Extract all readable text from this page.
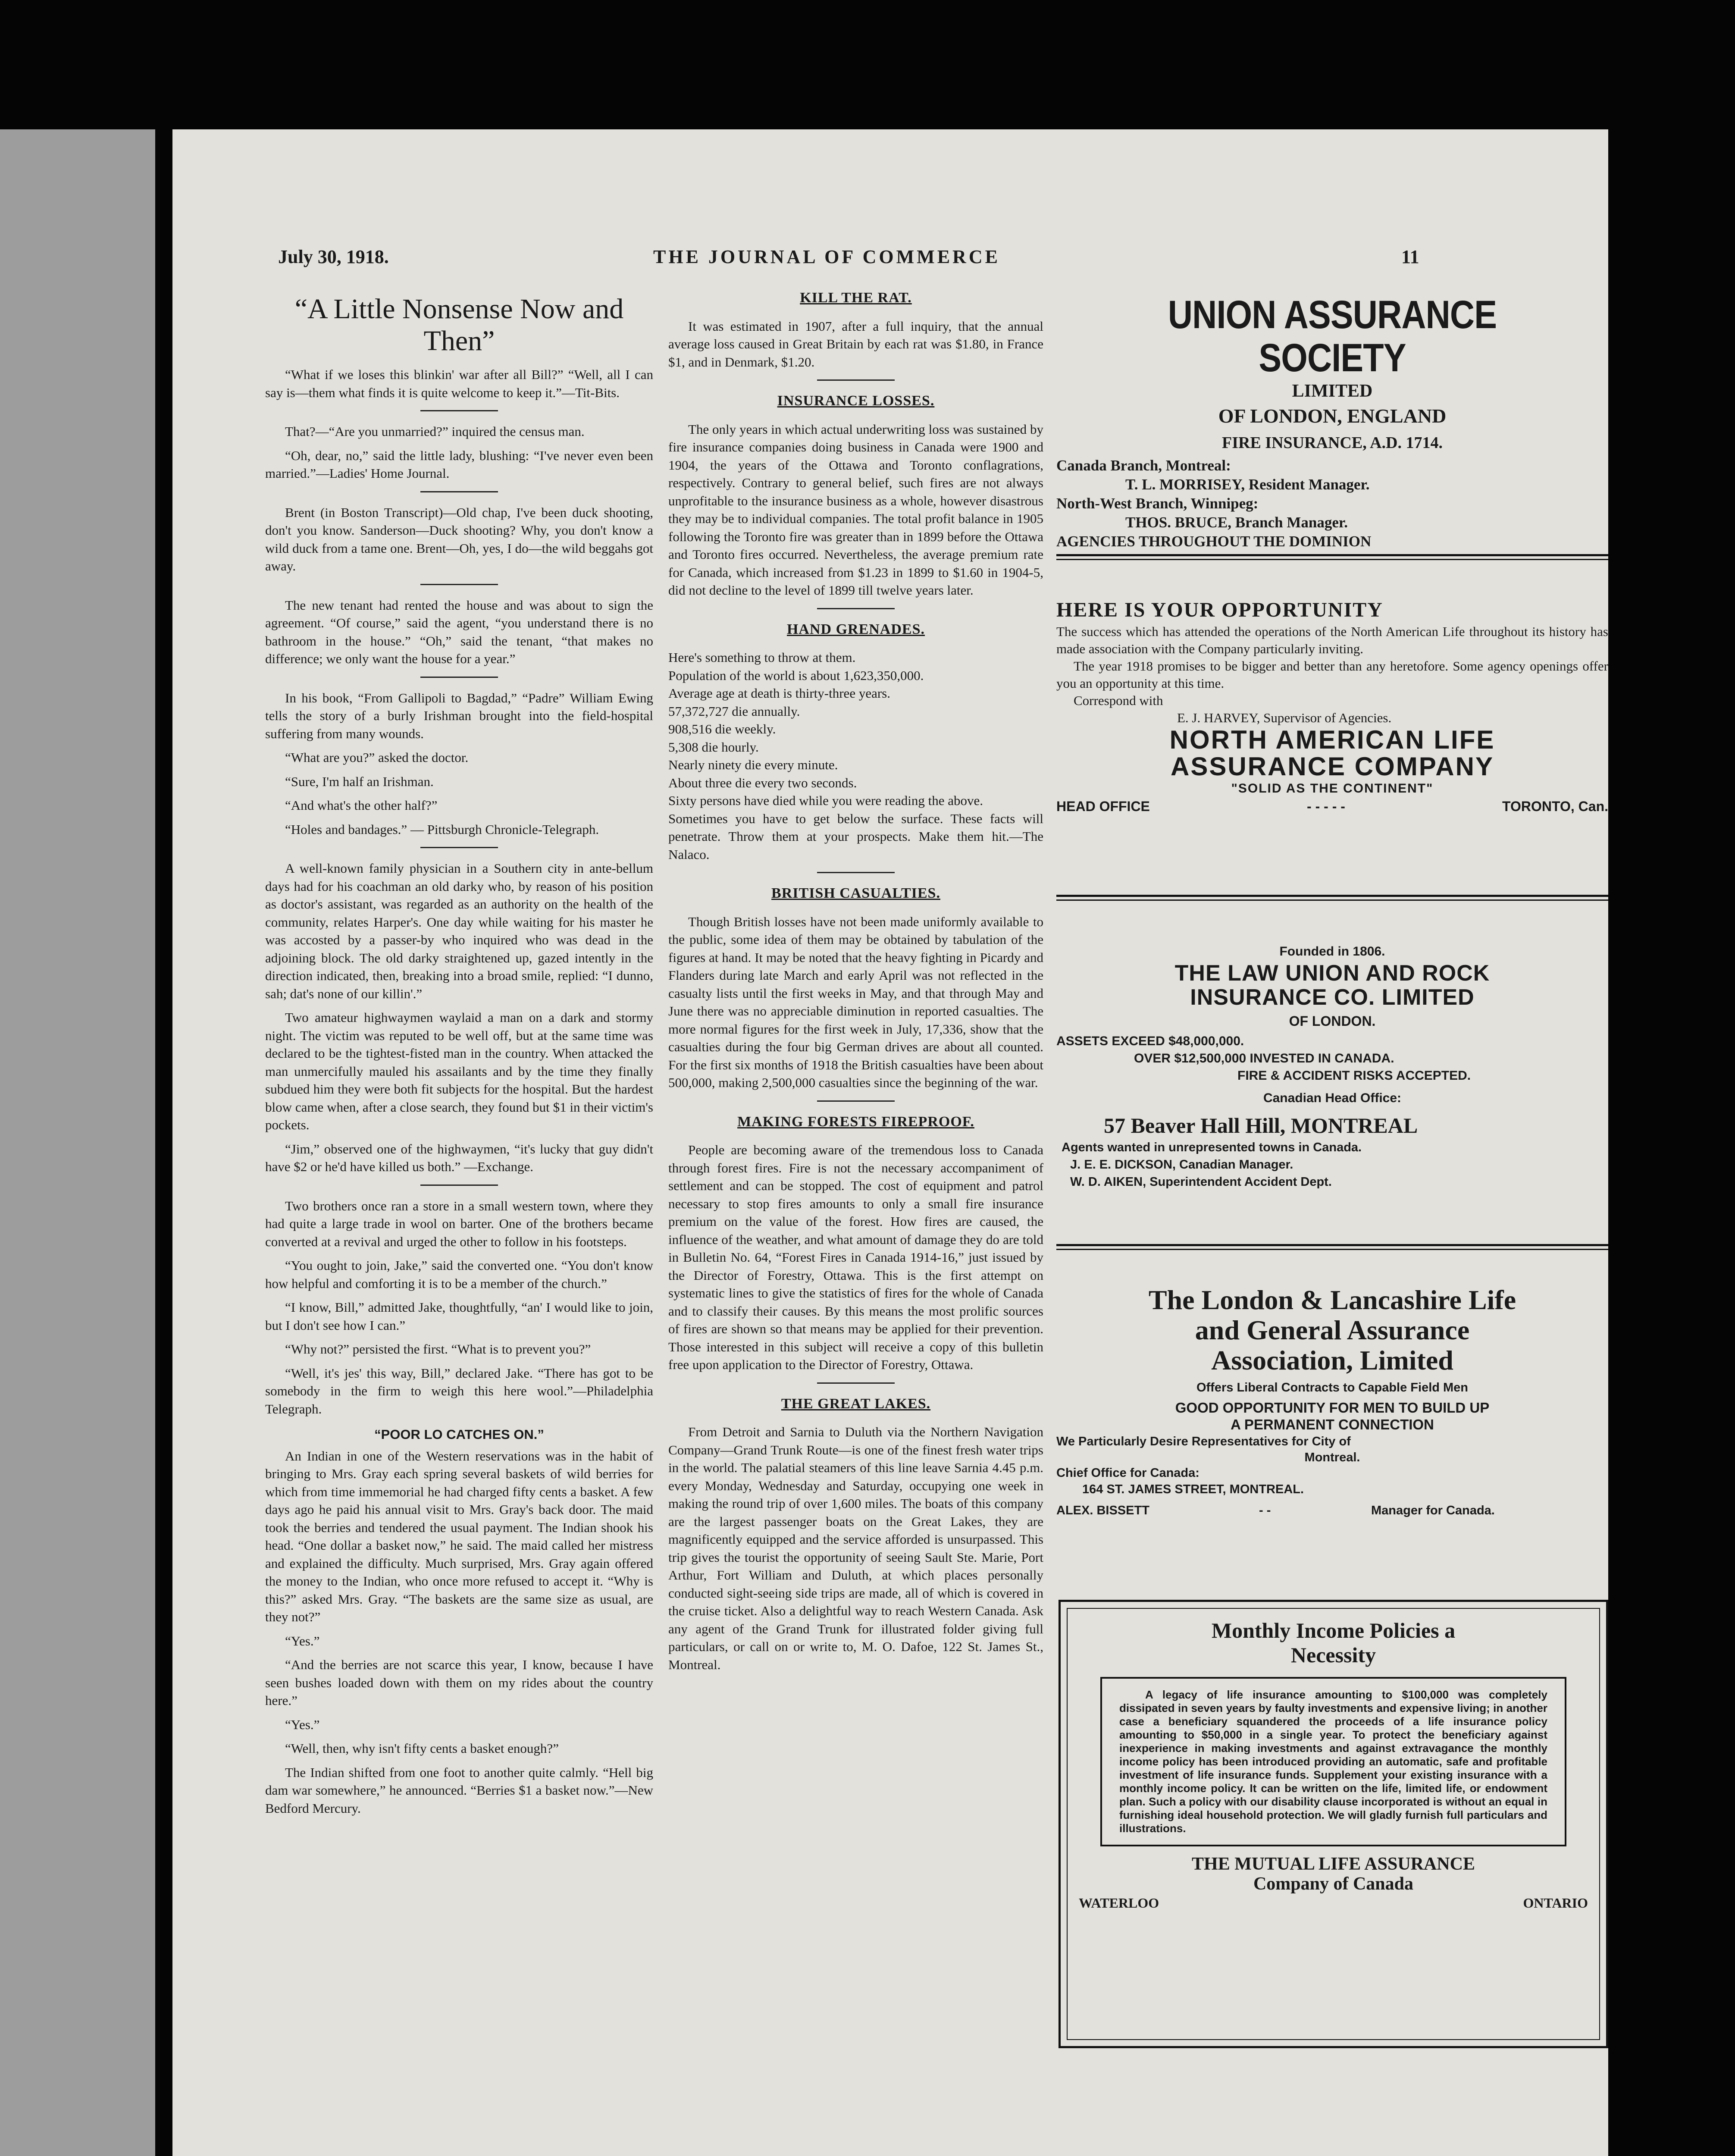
July 30, 1918.	THE JOURNAL OF COMMERCE	11
“A Little Nonsense Now and Then”

“What if we loses this blinkin' war after all Bill?” “Well, all I can say is—them what finds it is quite welcome to keep it.”—Tit-Bits.

That?—“Are you unmarried?” inquired the census man.

“Oh, dear, no,” said the little lady, blushing: “I've never even been married.”—Ladies' Home Journal.

Brent (in Boston Transcript)—Old chap, I've been duck shooting, don't you know. Sanderson—Duck shooting? Why, you don't know a wild duck from a tame one. Brent—Oh, yes, I do—the wild beggahs got away.

The new tenant had rented the house and was about to sign the agreement. “Of course,” said the agent, “you understand there is no bathroom in the house.” “Oh,” said the tenant, “that makes no difference; we only want the house for a year.”

In his book, “From Gallipoli to Bagdad,” “Padre” William Ewing tells the story of a burly Irishman brought into the field-hospital suffering from many wounds.

“What are you?” asked the doctor.

“Sure, I'm half an Irishman.

“And what's the other half?”

“Holes and bandages.” — Pittsburgh Chronicle-Telegraph.

A well-known family physician in a Southern city in ante-bellum days had for his coachman an old darky who, by reason of his position as doctor's assistant, was regarded as an authority on the health of the community, relates Harper's. One day while waiting for his master he was accosted by a passer-by who inquired who was dead in the adjoining block. The old darky straightened up, gazed intently in the direction indicated, then, breaking into a broad smile, replied: “I dunno, sah; dat's none of our killin'.”

Two amateur highwaymen waylaid a man on a dark and stormy night. The victim was reputed to be well off, but at the same time was declared to be the tightest-fisted man in the country. When attacked the man unmercifully mauled his assailants and by the time they finally subdued him they were both fit subjects for the hospital. But the hardest blow came when, after a close search, they found but $1 in their victim's pockets.

“Jim,” observed one of the highwaymen, “it's lucky that guy didn't have $2 or he'd have killed us both.” —Exchange.

Two brothers once ran a store in a small western town, where they had quite a large trade in wool on barter. One of the brothers became converted at a revival and urged the other to follow in his footsteps.

“You ought to join, Jake,” said the converted one. “You don't know how helpful and comforting it is to be a member of the church.”

“I know, Bill,” admitted Jake, thoughtfully, “an' I would like to join, but I don't see how I can.”

“Why not?” persisted the first. “What is to prevent you?”

“Well, it's jes' this way, Bill,” declared Jake. “There has got to be somebody in the firm to weigh this here wool.”—Philadelphia Telegraph.

“POOR LO CATCHES ON.”

An Indian in one of the Western reservations was in the habit of bringing to Mrs. Gray each spring several baskets of wild berries for which from time immemorial he had charged fifty cents a basket. A few days ago he paid his annual visit to Mrs. Gray's back door. The maid took the berries and tendered the usual payment. The Indian shook his head. “One dollar a basket now,” he said. The maid called her mistress and explained the difficulty. Much surprised, Mrs. Gray again offered the money to the Indian, who once more refused to accept it. “Why is this?” asked Mrs. Gray. “The baskets are the same size as usual, are they not?”

“Yes.”

“And the berries are not scarce this year, I know, because I have seen bushes loaded down with them on my rides about the country here.”

“Yes.”

“Well, then, why isn't fifty cents a basket enough?”

The Indian shifted from one foot to another quite calmly. “Hell big dam war somewhere,” he announced. “Berries $1 a basket now.”—New Bedford Mercury.

KILL THE RAT.

It was estimated in 1907, after a full inquiry, that the annual average loss caused in Great Britain by each rat was $1.80, in France $1, and in Denmark, $1.20.

INSURANCE LOSSES.

The only years in which actual underwriting loss was sustained by fire insurance companies doing business in Canada were 1900 and 1904, the years of the Ottawa and Toronto conflagrations, respectively. Contrary to general belief, such fires are not always unprofitable to the insurance business as a whole, however disastrous they may be to individual companies. The total profit balance in 1905 following the Toronto fire was greater than in 1899 before the Ottawa and Toronto fires occurred. Nevertheless, the average premium rate for Canada, which increased from $1.23 in 1899 to $1.60 in 1904-5, did not decline to the level of 1899 till twelve years later.

HAND GRENADES.

Here's something to throw at them.

Population of the world is about 1,623,350,000.

Average age at death is thirty-three years.

57,372,727 die annually.

908,516 die weekly.

5,308 die hourly.

Nearly ninety die every minute.

About three die every two seconds.

Sixty persons have died while you were reading the above.

Sometimes you have to get below the surface. These facts will penetrate. Throw them at your prospects. Make them hit.—The Nalaco.

BRITISH CASUALTIES.

Though British losses have not been made uniformly available to the public, some idea of them may be obtained by tabulation of the figures at hand. It may be noted that the heavy fighting in Picardy and Flanders during late March and early April was not reflected in the casualty lists until the first weeks in May, and that through May and June there was no appreciable diminution in reported casualties. The more normal figures for the first week in July, 17,336, show that the casualties during the four big German drives are about all counted. For the first six months of 1918 the British casualties have been about 500,000, making 2,500,000 casualties since the beginning of the war.

MAKING FORESTS FIREPROOF.

People are becoming aware of the tremendous loss to Canada through forest fires. Fire is not the necessary accompaniment of settlement and can be stopped. The cost of equipment and patrol necessary to stop fires amounts to only a small fire insurance premium on the value of the forest. How fires are caused, the influence of the weather, and what amount of damage they do are told in Bulletin No. 64, “Forest Fires in Canada 1914-16,” just issued by the Director of Forestry, Ottawa. This is the first attempt on systematic lines to give the statistics of fires for the whole of Canada and to classify their causes. By this means the most prolific sources of fires are shown so that means may be applied for their prevention. Those interested in this subject will receive a copy of this bulletin free upon application to the Director of Forestry, Ottawa.

THE GREAT LAKES.

From Detroit and Sarnia to Duluth via the Northern Navigation Company—Grand Trunk Route—is one of the finest fresh water trips in the world. The palatial steamers of this line leave Sarnia 4.45 p.m. every Monday, Wednesday and Saturday, occupying one week in making the round trip of over 1,600 miles. The boats of this company are the largest passenger boats on the Great Lakes, they are magnificently equipped and the service afforded is unsurpassed. This trip gives the tourist the opportunity of seeing Sault Ste. Marie, Port Arthur, Fort William and Duluth, at which places personally conducted sight-seeing side trips are made, all of which is covered in the cruise ticket. Also a delightful way to reach Western Canada. Ask any agent of the Grand Trunk for illustrated folder giving full particulars, or call on or write to, M. O. Dafoe, 122 St. James St., Montreal.

UNION ASSURANCE SOCIETY
LIMITED
OF LONDON, ENGLAND
FIRE INSURANCE, A.D. 1714.
Canada Branch, Montreal:
T. L. MORRISEY, Resident Manager.
North-West Branch, Winnipeg:
THOS. BRUCE, Branch Manager.
AGENCIES THROUGHOUT THE DOMINION
HERE IS YOUR OPPORTUNITY
The success which has attended the operations of the North American Life throughout its history has made association with the Company particularly inviting.
The year 1918 promises to be bigger and better than any heretofore. Some agency openings offer you an opportunity at this time.
Correspond with
E. J. HARVEY, Supervisor of Agencies.
NORTH AMERICAN LIFE
ASSURANCE COMPANY
"SOLID AS THE CONTINENT"
HEAD OFFICE	- - - - -	TORONTO, Can.
Founded in 1806.
THE LAW UNION AND ROCK
INSURANCE CO. LIMITED
OF LONDON.
ASSETS EXCEED $48,000,000.
OVER $12,500,000 INVESTED IN CANADA.
FIRE & ACCIDENT RISKS ACCEPTED.
Canadian Head Office:
57 Beaver Hall Hill, MONTREAL
Agents wanted in unrepresented towns in Canada.
J. E. E. DICKSON, Canadian Manager.
W. D. AIKEN, Superintendent Accident Dept.
The London & Lancashire Life
and General Assurance
Association, Limited
Offers Liberal Contracts to Capable Field Men
GOOD OPPORTUNITY FOR MEN TO BUILD UP
A PERMANENT CONNECTION
We Particularly Desire Representatives for City of
Montreal.
Chief Office for Canada:
164 ST. JAMES STREET, MONTREAL.
ALEX. BISSETT	- -	Manager for Canada.
Monthly Income Policies a
Necessity
A legacy of life insurance amounting to $100,000 was completely dissipated in seven years by faulty investments and expensive living; in another case a beneficiary squandered the proceeds of a life insurance policy amounting to $50,000 in a single year. To protect the beneficiary against inexperience in making investments and against extravagance the monthly income policy has been introduced providing an automatic, safe and profitable investment of life insurance funds. Supplement your existing insurance with a monthly income policy. It can be written on the life, limited life, or endowment plan. Such a policy with our disability clause incorporated is without an equal in furnishing ideal household protection. We will gladly furnish full particulars and illustrations.
THE MUTUAL LIFE ASSURANCE
Company of Canada
WATERLOO	ONTARIO
